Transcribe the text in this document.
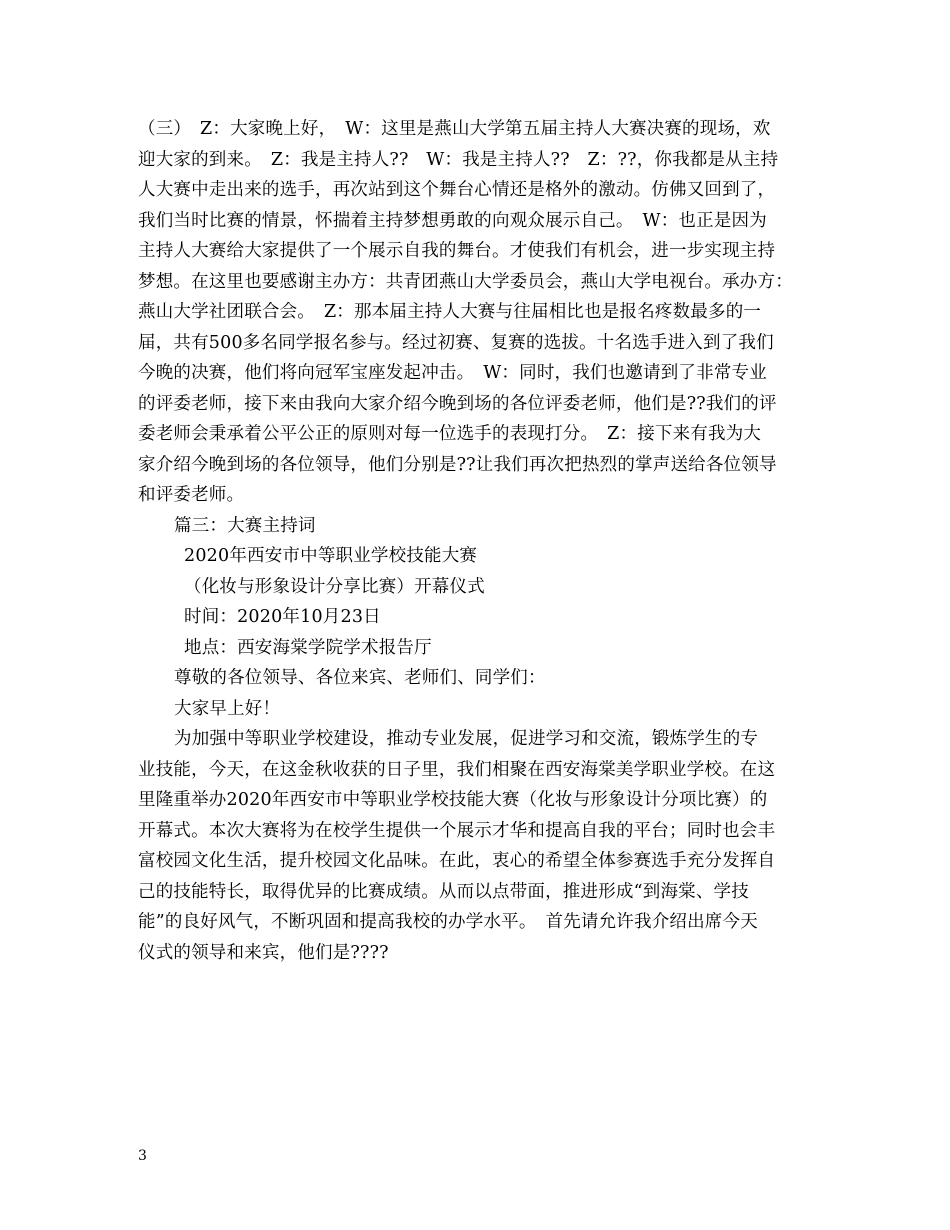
（三）　Z：大家晚上好，　W：这里是燕山大学第五届主持人大赛决赛的现场，欢
迎大家的到来。　Z：我是主持人??　W：我是主持人??　Z：??，你我都是从主持
人大赛中走出来的选手，再次站到这个舞台心情还是格外的激动。仿佛又回到了，
我们当时比赛的情景，怀揣着主持梦想勇敢的向观众展示自己。　W：也正是因为
主持人大赛给大家提供了一个展示自我的舞台。才使我们有机会，进一步实现主持
梦想。在这里也要感谢主办方：共青团燕山大学委员会，燕山大学电视台。承办方：
燕山大学社团联合会。　Z：那本届主持人大赛与往届相比也是报名疼数最多的一
届，共有500多名同学报名参与。经过初赛、复赛的选拔。十名选手进入到了我们
今晚的决赛，他们将向冠军宝座发起冲击。　W：同时，我们也邀请到了非常专业
的评委老师，接下来由我向大家介绍今晚到场的各位评委老师，他们是??我们的评
委老师会秉承着公平公正的原则对每一位选手的表现打分。　Z：接下来有我为大
家介绍今晚到场的各位领导，他们分别是??让我们再次把热烈的掌声送给各位领导
和评委老师。
篇三：大赛主持词
2020年西安市中等职业学校技能大赛
（化妆与形象设计分享比赛）开幕仪式
时间：2020年10月23日
地点：西安海棠学院学术报告厅
尊敬的各位领导、各位来宾、老师们、同学们：
大家早上好！
为加强中等职业学校建设，推动专业发展，促进学习和交流，锻炼学生的专
业技能，今天，在这金秋收获的日子里，我们相聚在西安海棠美学职业学校。在这
里隆重举办2020年西安市中等职业学校技能大赛（化妆与形象设计分项比赛）的
开幕式。本次大赛将为在校学生提供一个展示才华和提高自我的平台；同时也会丰
富校园文化生活，提升校园文化品味。在此，衷心的希望全体参赛选手充分发挥自
己的技能特长，取得优异的比赛成绩。从而以点带面，推进形成“到海棠、学技
能”的良好风气，不断巩固和提高我校的办学水平。　首先请允许我介绍出席今天
仪式的领导和来宾，他们是????
3
